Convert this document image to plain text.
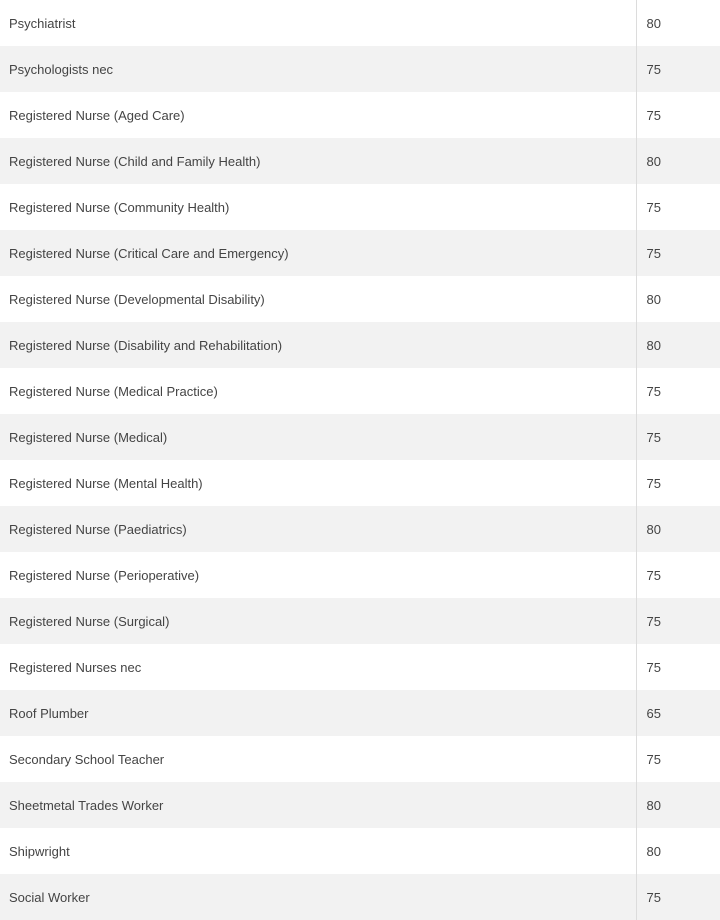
Psychiatrist	80
Psychologists nec	75
Registered Nurse (Aged Care)	75
Registered Nurse (Child and Family Health)	80
Registered Nurse (Community Health)	75
Registered Nurse (Critical Care and Emergency)	75
Registered Nurse (Developmental Disability)	80
Registered Nurse (Disability and Rehabilitation)	80
Registered Nurse (Medical Practice)	75
Registered Nurse (Medical)	75
Registered Nurse (Mental Health)	75
Registered Nurse (Paediatrics)	80
Registered Nurse (Perioperative)	75
Registered Nurse (Surgical)	75
Registered Nurses nec	75
Roof Plumber	65
Secondary School Teacher	75
Sheetmetal Trades Worker	80
Shipwright	80
Social Worker	75
